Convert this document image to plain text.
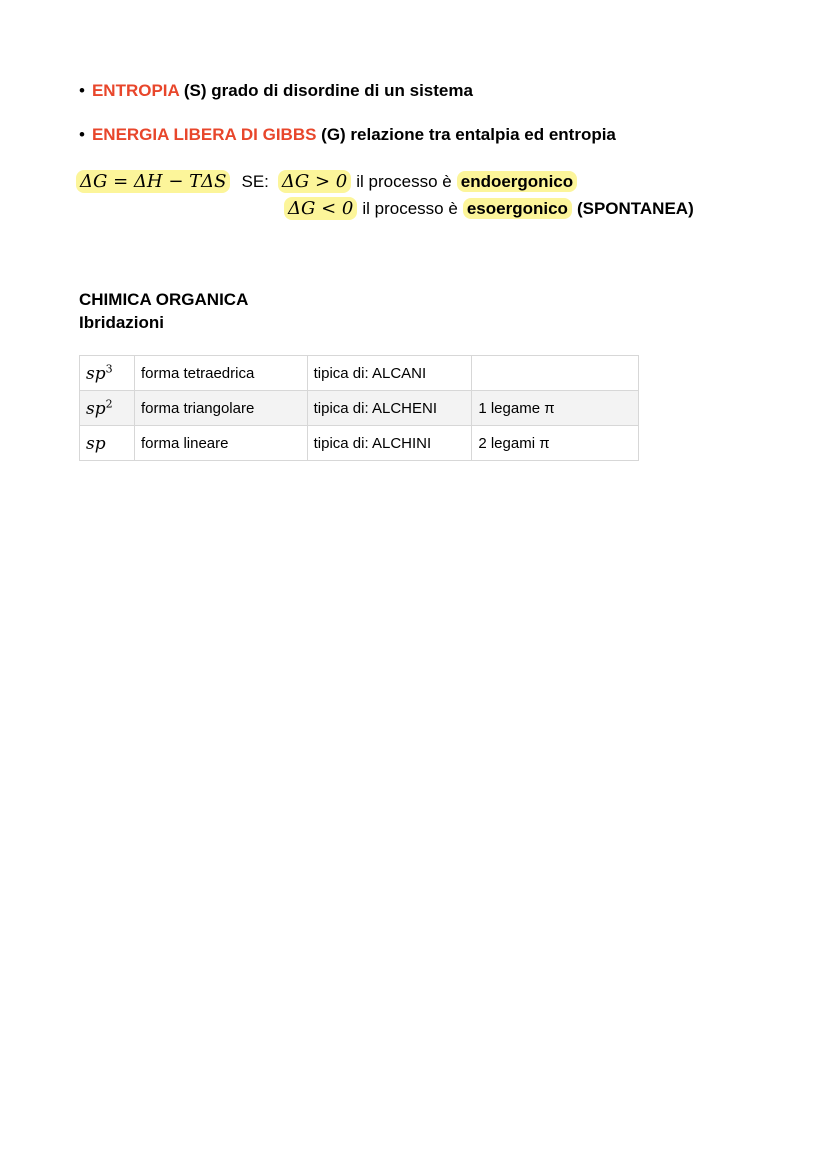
• ENTROPIA (S) grado di disordine di un sistema
• ENERGIA LIBERA DI GIBBS (G) relazione tra entalpia ed entropia
ΔG = ΔH − TΔS SE: ΔG > 0 il processo è endoergonico
ΔG < 0 il processo è esoergonico (SPONTANEA)
CHIMICA ORGANICA
Ibridazioni
$sp^3$	forma tetraedrica	tipica di: ALCANI	
$sp^2$	forma triangolare	tipica di: ALCHENI	1 legame π
sp	forma lineare	tipica di: ALCHINI	2 legami π
